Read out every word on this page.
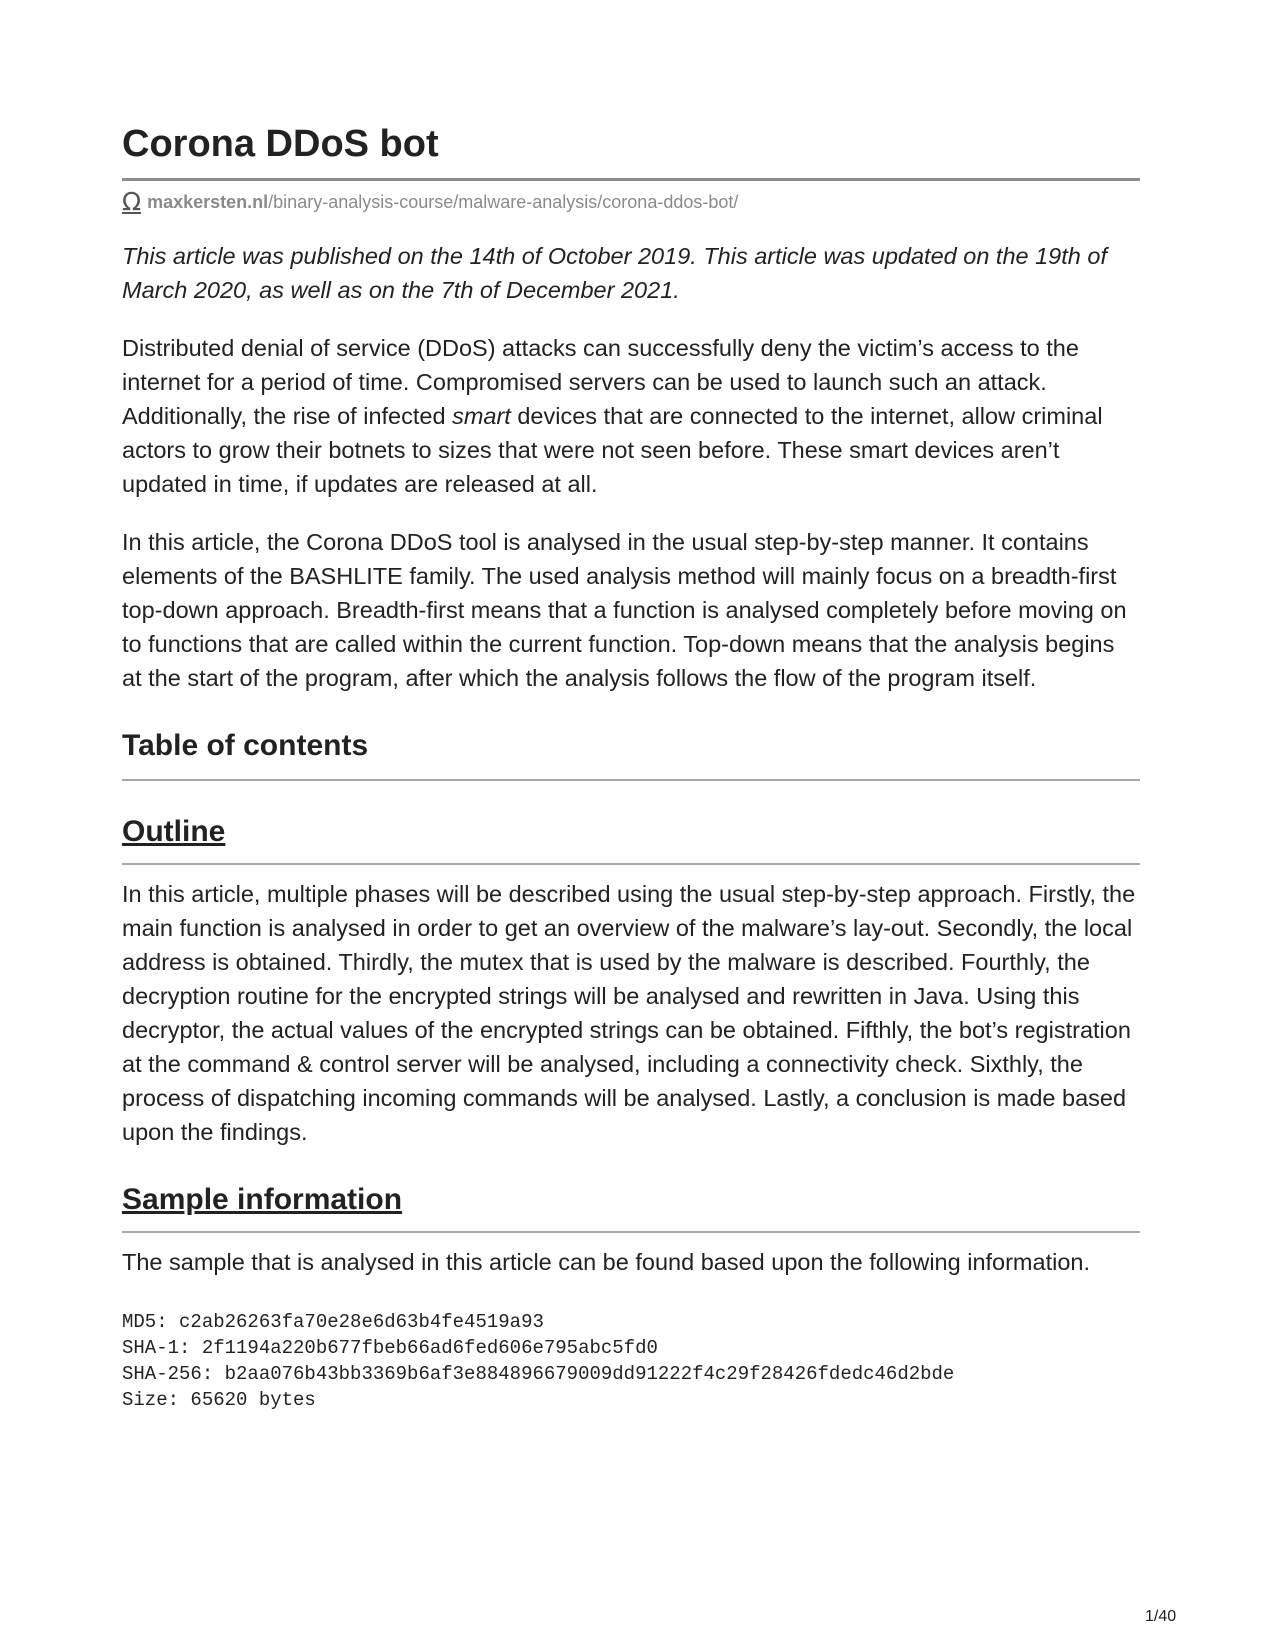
Corona DDoS bot
Ω maxkersten.nl /binary-analysis-course/malware-analysis/corona-ddos-bot/

This article was published on the 14th of October 2019. This article was updated on the 19th of March 2020, as well as on the 7th of December 2021.

Distributed denial of service (DDoS) attacks can successfully deny the victim’s access to the internet for a period of time. Compromised servers can be used to launch such an attack. Additionally, the rise of infected smart devices that are connected to the internet, allow criminal actors to grow their botnets to sizes that were not seen before. These smart devices aren’t updated in time, if updates are released at all.

In this article, the Corona DDoS tool is analysed in the usual step-by-step manner. It contains elements of the BASHLITE family. The used analysis method will mainly focus on a breadth-first top-down approach. Breadth-first means that a function is analysed completely before moving on to functions that are called within the current function. Top-down means that the analysis begins at the start of the program, after which the analysis follows the flow of the program itself.

Table of contents
Outline

In this article, multiple phases will be described using the usual step-by-step approach. Firstly, the main function is analysed in order to get an overview of the malware’s lay-out. Secondly, the local address is obtained. Thirdly, the mutex that is used by the malware is described. Fourthly, the decryption routine for the encrypted strings will be analysed and rewritten in Java. Using this decryptor, the actual values of the encrypted strings can be obtained. Fifthly, the bot’s registration at the command & control server will be analysed, including a connectivity check. Sixthly, the process of dispatching incoming commands will be analysed. Lastly, a conclusion is made based upon the findings.

Sample information

The sample that is analysed in this article can be found based upon the following information.

MD5: c2ab26263fa70e28e6d63b4fe4519a93
SHA-1: 2f1194a220b677fbeb66ad6fed606e795abc5fd0
SHA-256: b2aa076b43bb3369b6af3e884896679009dd91222f4c29f28426fdedc46d2bde
Size: 65620 bytes
1/40
